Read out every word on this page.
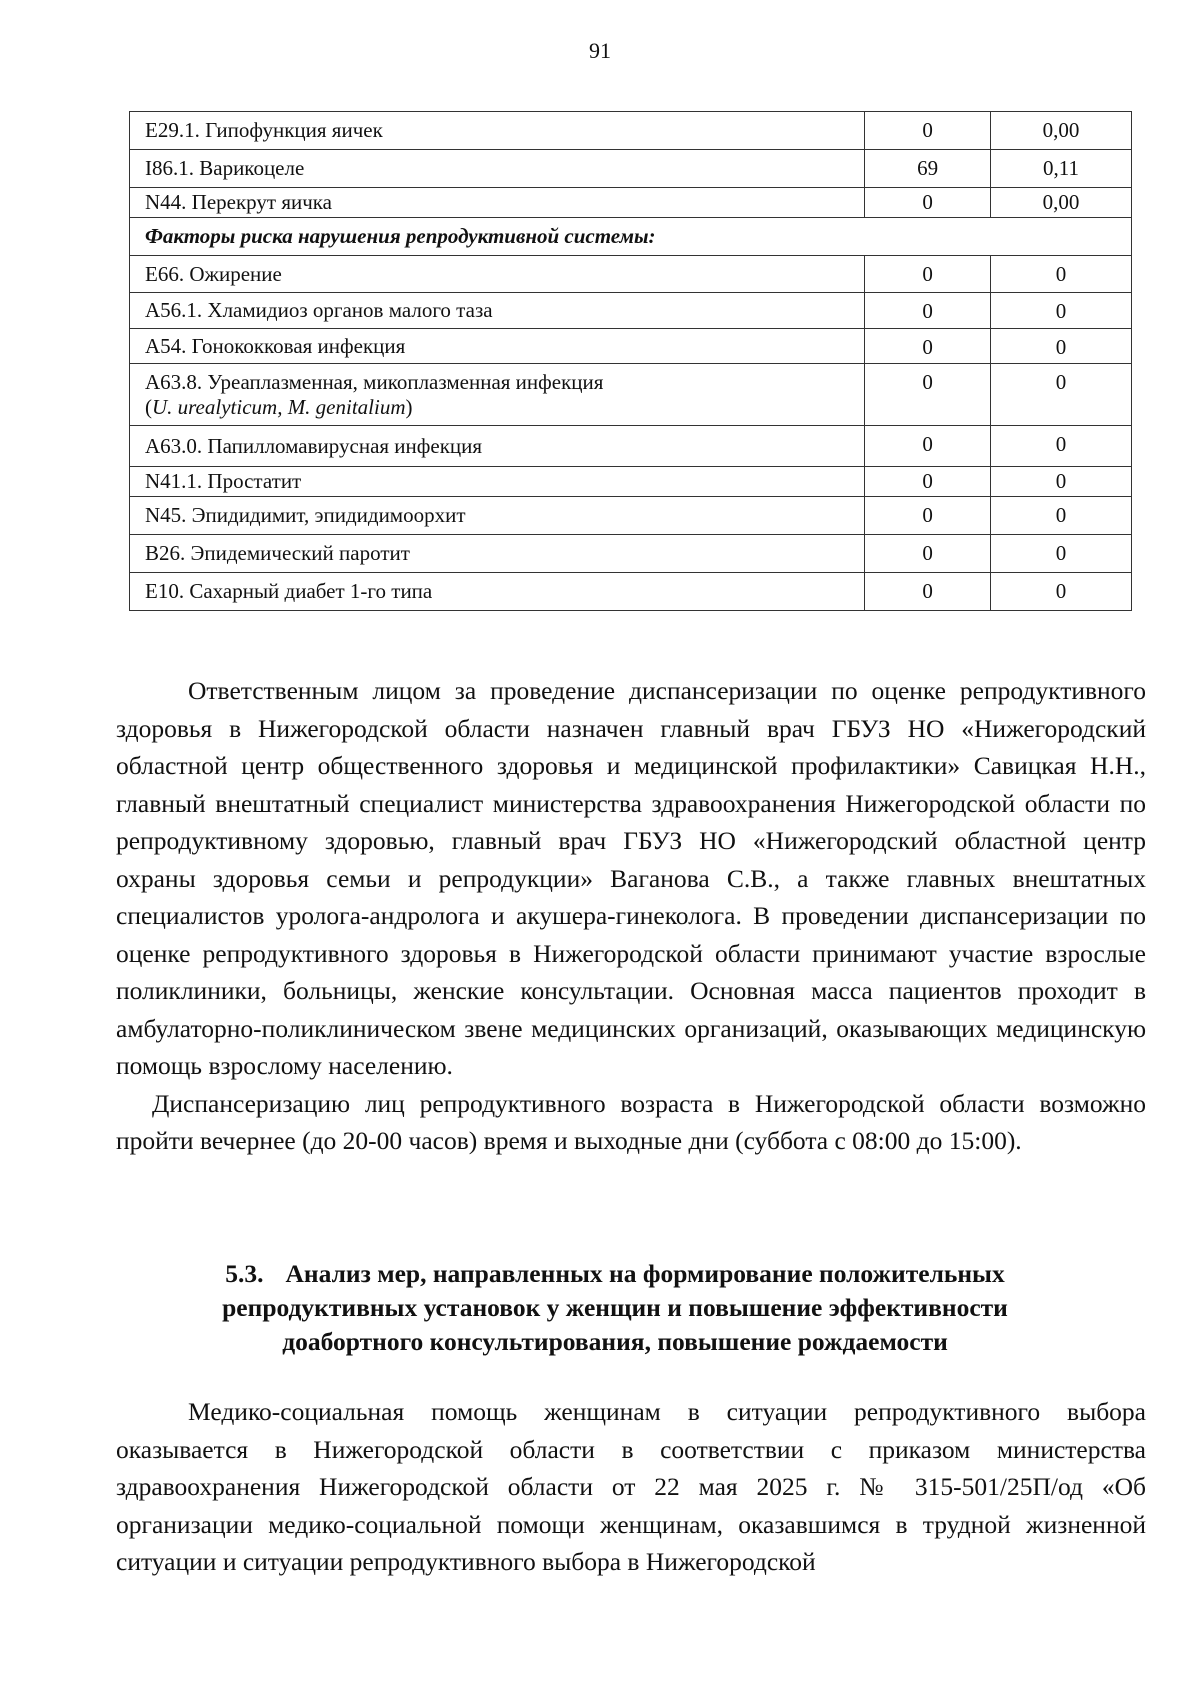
91
E29.1. Гипофункция яичек	0	0,00
I86.1. Варикоцеле	69	0,11
N44. Перекрут яичка	0	0,00
Факторы риска нарушения репродуктивной системы:		
E66. Ожирение	0	0
A56.1. Хламидиоз органов малого таза	0	0
A54. Гонококковая инфекция	0	0
A63.8. Уреаплазменная, микоплазменная инфекция
(U. urealyticum, M. genitalium)	0	0
A63.0. Папилломавирусная инфекция	0	0
N41.1. Простатит	0	0
N45. Эпидидимит, эпидидимоорхит	0	0
B26. Эпидемический паротит	0	0
E10. Сахарный диабет 1-го типа	0	0

Ответственным лицом за проведение диспансеризации по оценке репродуктивного здоровья в Нижегородской области назначен главный врач ГБУЗ НО «Нижегородский областной центр общественного здоровья и медицинской профилактики» Савицкая Н.Н., главный внештатный специалист министерства здравоохранения Нижегородской области по репродуктивному здоровью, главный врач ГБУЗ НО «Нижегородский областной центр охраны здоровья семьи и репродукции» Ваганова С.В., а также главных внештатных специалистов уролога-андролога и акушера-гинеколога. В проведении диспансеризации по оценке репродуктивного здоровья в Нижегородской области принимают участие взрослые поликлиники, больницы, женские консультации. Основная масса пациентов проходит в амбулаторно-поликлиническом звене медицинских организаций, оказывающих медицинскую помощь взрослому населению.

Диспансеризацию лиц репродуктивного возраста в Нижегородской области возможно пройти вечернее (до 20-00 часов) время и выходные дни (суббота с 08:00 до 15:00).

5.3. Анализ мер, направленных на формирование положительных
репродуктивных установок у женщин и повышение эффективности
доабортного консультирования, повышение рождаемости

Медико-социальная помощь женщинам в ситуации репродуктивного выбора оказывается в Нижегородской области в соответствии с приказом министерства здравоохранения Нижегородской области от 22 мая 2025 г. № 315-501/25П/од «Об организации медико-социальной помощи женщинам, оказавшимся в трудной жизненной ситуации и ситуации репродуктивного выбора в Нижегородской
